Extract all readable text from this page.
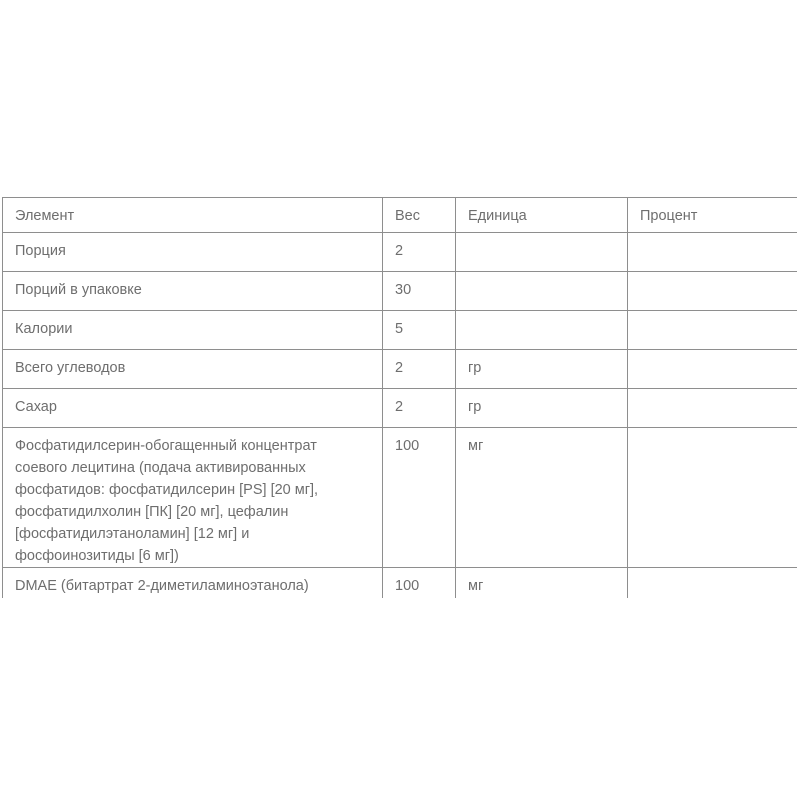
Элемент	Вес	Единица	Процент
Порция	2		
Порций в упаковке	30		
Калории	5		
Всего углеводов	2	гр	
Сахар	2	гр	
Фосфатидилсерин-обогащенный концентрат соевого лецитина (подача активированных фосфатидов: фосфатидилсерин [PS] [20 мг], фосфатидилхолин [ПК] [20 мг], цефалин [фосфатидилэтаноламин] [12 мг] и фосфоинозитиды [6 мг])	100	мг	
DMAE (битартрат 2-диметиламиноэтанола)	100	мг	
